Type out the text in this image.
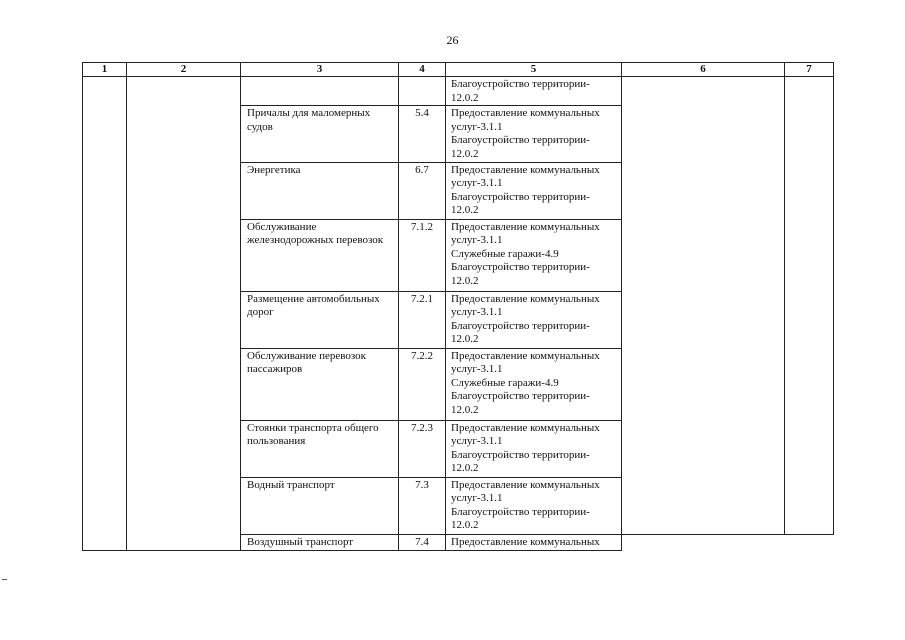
26
1	2	3	4	5	6	7

				Благоустройство территории-
12.0.2		

		Причалы для маломерных судов	5.4	Предоставление коммунальных
услуг-3.1.1
Благоустройство территории-
12.0.2		

		Энергетика	6.7	Предоставление коммунальных
услуг-3.1.1
Благоустройство территории-
12.0.2		

		Обслуживание железнодорожных перевозок	7.1.2	Предоставление коммунальных
услуг-3.1.1
Служебные гаражи-4.9
Благоустройство территории-
12.0.2		

		Размещение автомобильных дорог	7.2.1	Предоставление коммунальных
услуг-3.1.1
Благоустройство территории-
12.0.2		

		Обслуживание перевозок пассажиров	7.2.2	Предоставление коммунальных
услуг-3.1.1
Служебные гаражи-4.9
Благоустройство территории-
12.0.2		

		Стоянки транспорта общего пользования	7.2.3	Предоставление коммунальных
услуг-3.1.1
Благоустройство территории-
12.0.2		

		Водный транспорт	7.3	Предоставление коммунальных
услуг-3.1.1
Благоустройство территории-
12.0.2		

		Воздушный транспорт	7.4	Предоставление коммунальных		
